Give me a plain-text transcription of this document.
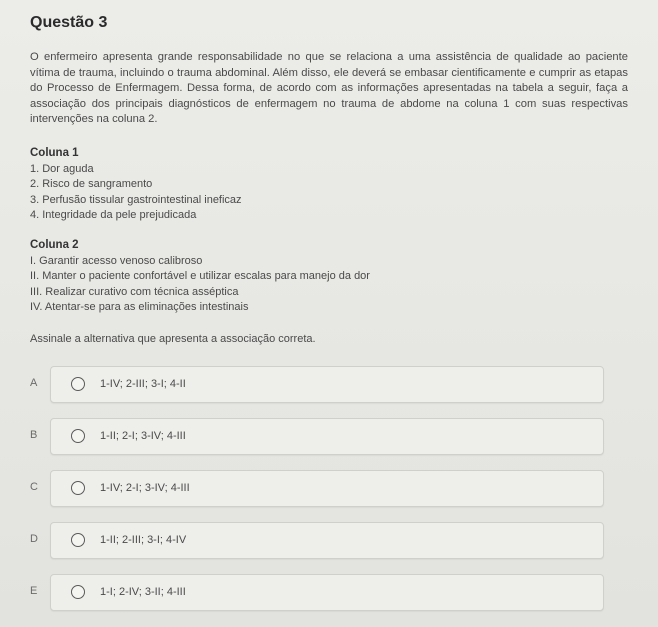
Questão 3
O enfermeiro apresenta grande responsabilidade no que se relaciona a uma assistência de qualidade ao paciente vítima de trauma, incluindo o trauma abdominal. Além disso, ele deverá se embasar cientificamente e cumprir as etapas do Processo de Enfermagem. Dessa forma, de acordo com as informações apresentadas na tabela a seguir, faça a associação dos principais diagnósticos de enfermagem no trauma de abdome na coluna 1 com suas respectivas intervenções na coluna 2.
Coluna 1
1. Dor aguda
2. Risco de sangramento
3. Perfusão tissular gastrointestinal ineficaz
4. Integridade da pele prejudicada
Coluna 2
I. Garantir acesso venoso calibroso
II. Manter o paciente confortável e utilizar escalas para manejo da dor
III. Realizar curativo com técnica asséptica
IV. Atentar-se para as eliminações intestinais
Assinale a alternativa que apresenta a associação correta.
A	1-IV; 2-III; 3-I; 4-II
B	1-II; 2-I; 3-IV; 4-III
C	1-IV; 2-I; 3-IV; 4-III
D	1-II; 2-III; 3-I; 4-IV
E	1-I; 2-IV; 3-II; 4-III
